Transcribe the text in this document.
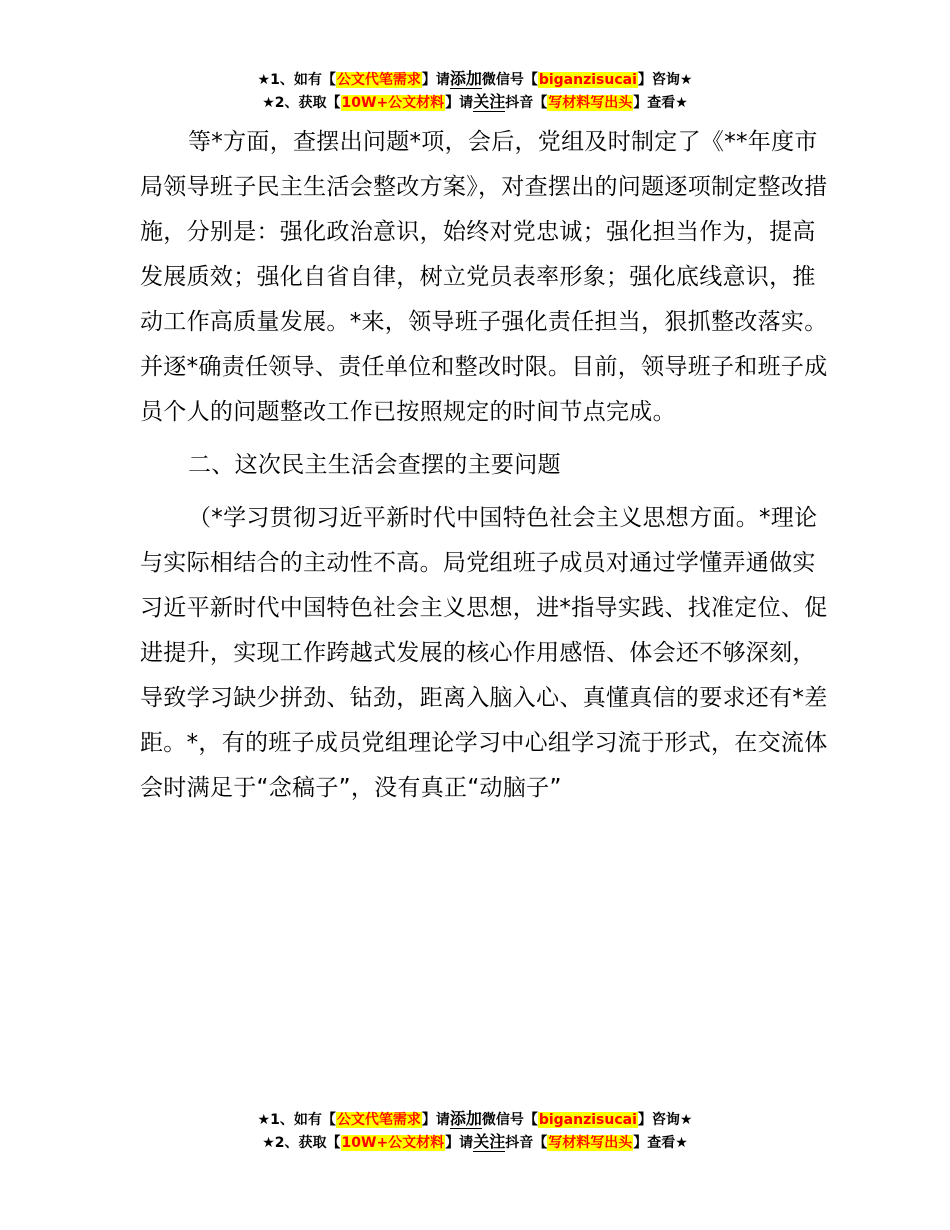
★1、如有【公文代笔需求】请添加微信号【biganzisucai】咨询★
★2、获取【10W+公文材料】请关注抖音【写材料写出头】查看★

等*方面，查摆出问题*项，会后，党组及时制定了《**年度市局领导班子民主生活会整改方案》，对查摆出的问题逐项制定整改措施，分别是：强化政治意识，始终对党忠诚；强化担当作为，提高发展质效；强化自省自律，树立党员表率形象；强化底线意识，推动工作高质量发展。*来，领导班子强化责任担当，狠抓整改落实。并逐*确责任领导、责任单位和整改时限。目前，领导班子和班子成员个人的问题整改工作已按照规定的时间节点完成。

二、这次民主生活会查摆的主要问题

（*学习贯彻习近平新时代中国特色社会主义思想方面。*理论与实际相结合的主动性不高。局党组班子成员对通过学懂弄通做实习近平新时代中国特色社会主义思想，进*指导实践、找准定位、促进提升，实现工作跨越式发展的核心作用感悟、体会还不够深刻，导致学习缺少拼劲、钻劲，距离入脑入心、真懂真信的要求还有*差距。*，有的班子成员党组理论学习中心组学习流于形式，在交流体会时满足于“念稿子”，没有真正“动脑子”

★1、如有【公文代笔需求】请添加微信号【biganzisucai】咨询★
★2、获取【10W+公文材料】请关注抖音【写材料写出头】查看★
